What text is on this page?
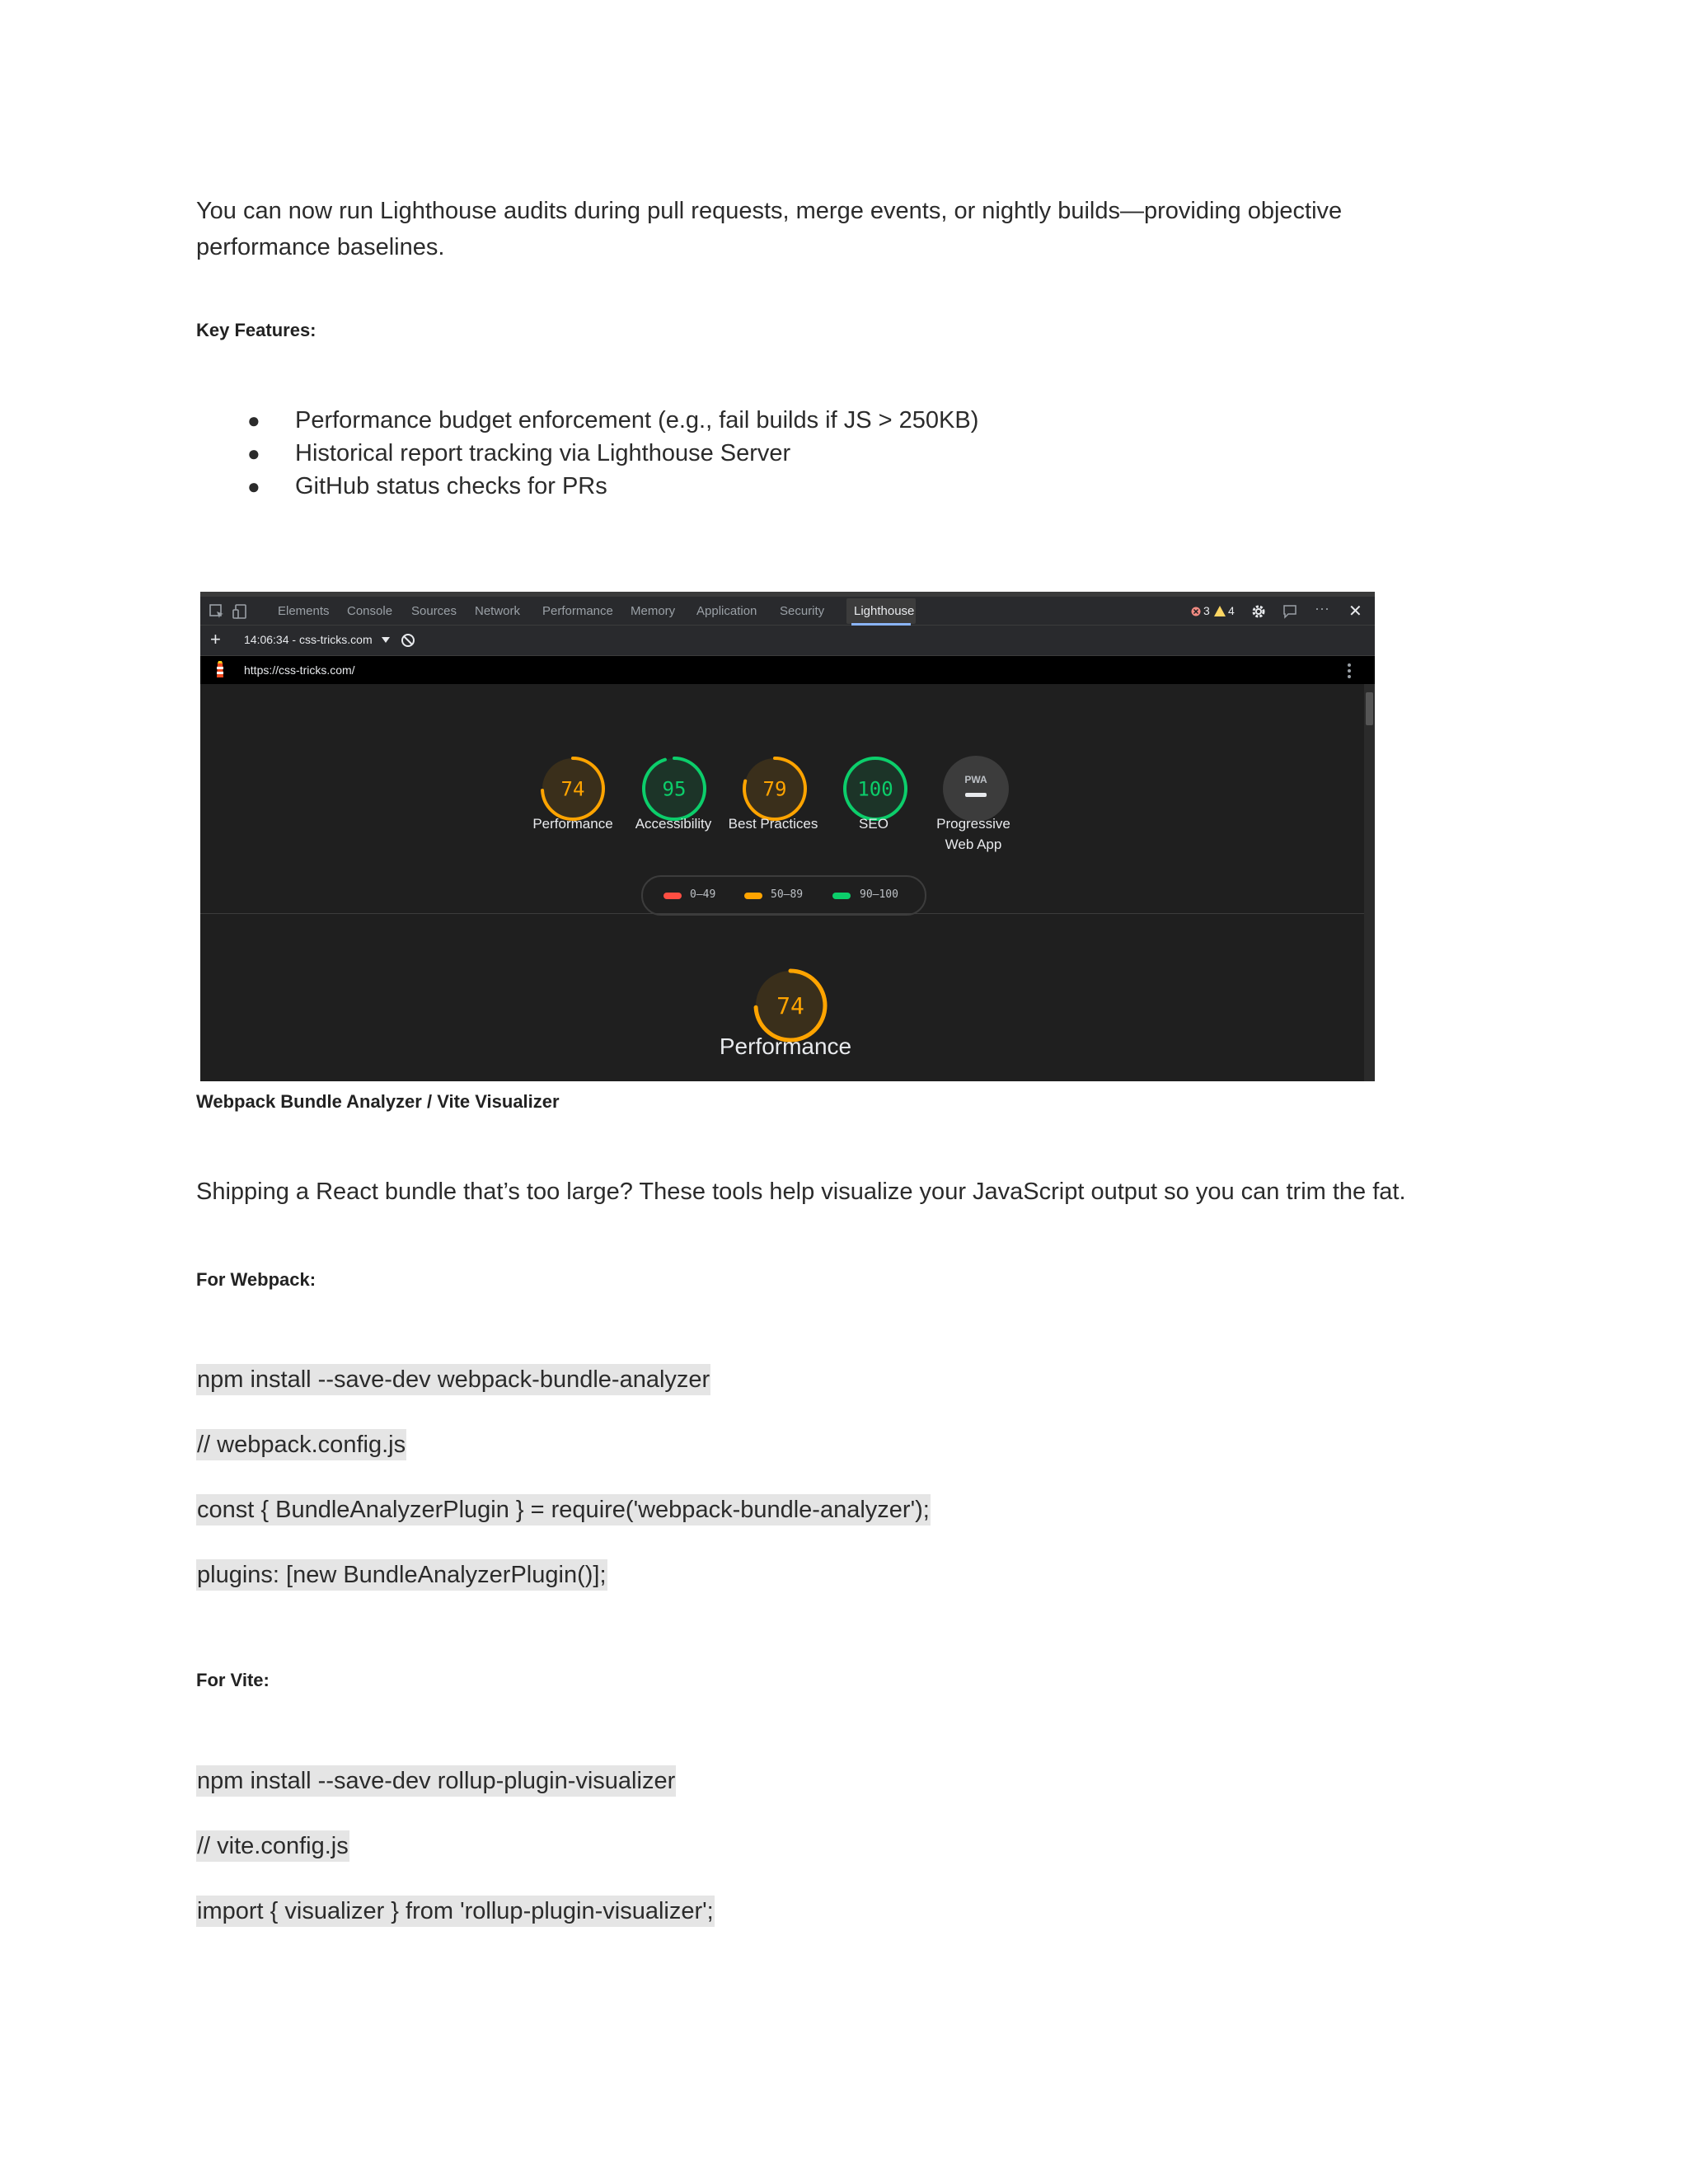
You can now run Lighthouse audits during pull requests, merge events, or nightly builds—providing objective performance baselines.
Key Features:
● Performance budget enforcement (e.g., fail builds if JS > 250KB)
● Historical report tracking via Lighthouse Server
● GitHub status checks for PRs
Elements Console Sources Network Performance Memory Application Security Lighthouse	3 4	··· ✕
+ 14:06:34 - css-tricks.com
https://css-tricks.com/
74	95	79	100	PWA
74
Performance	Accessibility	Best Practices	SEO	Progressive Web App
0–49	50–89	90–100
Performance
Webpack Bundle Analyzer / Vite Visualizer
Shipping a React bundle that’s too large? These tools help visualize your JavaScript output so you can trim the fat.
For Webpack:
npm install --save-dev webpack-bundle-analyzer
// webpack.config.js
const { BundleAnalyzerPlugin } = require('webpack-bundle-analyzer');
plugins: [new BundleAnalyzerPlugin()];
For Vite:
npm install --save-dev rollup-plugin-visualizer
// vite.config.js
import { visualizer } from 'rollup-plugin-visualizer';
